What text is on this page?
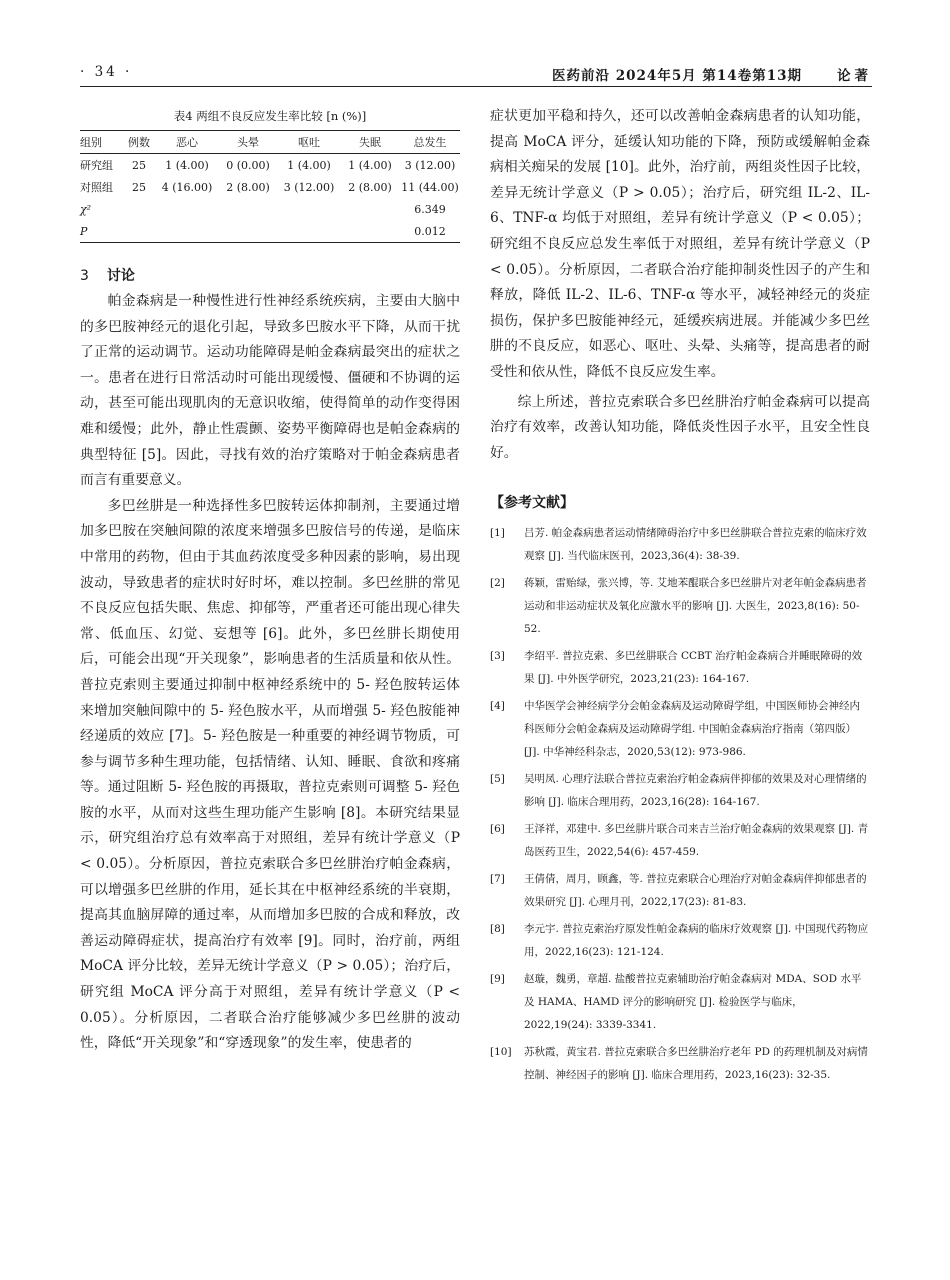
· 34 ·	医药前沿 2024年5月 第14卷第13期	论著
表4 两组不良反应发生率比较 [n (%)]
组别	例数	恶心	头晕	呕吐	失眠	总发生
研究组	25	1 (4.00)	0 (0.00)	1 (4.00)	1 (4.00)	3 (12.00)
对照组	25	4 (16.00)	2 (8.00)	3 (12.00)	2 (8.00)	11 (44.00)
χ²						6.349
P						0.012
3 讨论

帕金森病是一种慢性进行性神经系统疾病，主要由大脑中的多巴胺神经元的退化引起，导致多巴胺水平下降，从而干扰了正常的运动调节。运动功能障碍是帕金森病最突出的症状之一。患者在进行日常活动时可能出现缓慢、僵硬和不协调的运动，甚至可能出现肌肉的无意识收缩，使得简单的动作变得困难和缓慢；此外，静止性震颤、姿势平衡障碍也是帕金森病的典型特征 [5]。因此，寻找有效的治疗策略对于帕金森病患者而言有重要意义。

多巴丝肼是一种选择性多巴胺转运体抑制剂，主要通过增加多巴胺在突触间隙的浓度来增强多巴胺信号的传递，是临床中常用的药物，但由于其血药浓度受多种因素的影响，易出现波动，导致患者的症状时好时坏，难以控制。多巴丝肼的常见不良反应包括失眠、焦虑、抑郁等，严重者还可能出现心律失常、低血压、幻觉、妄想等 [6]。此外，多巴丝肼长期使用后，可能会出现“开关现象”，影响患者的生活质量和依从性。普拉克索则主要通过抑制中枢神经系统中的 5- 羟色胺转运体来增加突触间隙中的 5- 羟色胺水平，从而增强 5- 羟色胺能神经递质的效应 [7]。5- 羟色胺是一种重要的神经调节物质，可参与调节多种生理功能，包括情绪、认知、睡眠、食欲和疼痛等。通过阻断 5- 羟色胺的再摄取，普拉克索则可调整 5- 羟色胺的水平，从而对这些生理功能产生影响 [8]。本研究结果显示，研究组治疗总有效率高于对照组，差异有统计学意义（P < 0.05）。分析原因，普拉克索联合多巴丝肼治疗帕金森病，可以增强多巴丝肼的作用，延长其在中枢神经系统的半衰期，提高其血脑屏障的通过率，从而增加多巴胺的合成和释放，改善运动障碍症状，提高治疗有效率 [9]。同时，治疗前，两组 MoCA 评分比较，差异无统计学意义（P > 0.05）；治疗后，研究组 MoCA 评分高于对照组，差异有统计学意义（P < 0.05）。分析原因，二者联合治疗能够减少多巴丝肼的波动性，降低“开关现象”和“穿透现象”的发生率，使患者的

症状更加平稳和持久，还可以改善帕金森病患者的认知功能，提高 MoCA 评分，延缓认知功能的下降，预防或缓解帕金森病相关痴呆的发展 [10]。此外，治疗前，两组炎性因子比较，差异无统计学意义（P > 0.05）；治疗后，研究组 IL-2、IL-6、TNF-α 均低于对照组，差异有统计学意义（P < 0.05）；研究组不良反应总发生率低于对照组，差异有统计学意义（P < 0.05）。分析原因，二者联合治疗能抑制炎性因子的产生和释放，降低 IL-2、IL-6、TNF-α 等水平，减轻神经元的炎症损伤，保护多巴胺能神经元，延缓疾病进展。并能减少多巴丝肼的不良反应，如恶心、呕吐、头晕、头痛等，提高患者的耐受性和依从性，降低不良反应发生率。

综上所述，普拉克索联合多巴丝肼治疗帕金森病可以提高治疗有效率，改善认知功能，降低炎性因子水平，且安全性良好。

【参考文献】
[1] 吕芳. 帕金森病患者运动情绪障碍治疗中多巴丝肼联合普拉克索的临床疗效观察 [J]. 当代临床医刊，2023,36(4): 38-39.
[2] 蒋颖，雷贻绿，张兴博，等. 艾地苯醌联合多巴丝肼片对老年帕金森病患者运动和非运动症状及氧化应激水平的影响 [J]. 大医生，2023,8(16): 50-52.
[3] 李绍平. 普拉克索、多巴丝肼联合 CCBT 治疗帕金森病合并睡眠障碍的效果 [J]. 中外医学研究，2023,21(23): 164-167.
[4] 中华医学会神经病学分会帕金森病及运动障碍学组，中国医师协会神经内科医师分会帕金森病及运动障碍学组. 中国帕金森病治疗指南（第四版）[J]. 中华神经科杂志，2020,53(12): 973-986.
[5] 吴明凤. 心理疗法联合普拉克索治疗帕金森病伴抑郁的效果及对心理情绪的影响 [J]. 临床合理用药，2023,16(28): 164-167.
[6] 王泽祥，邓建中. 多巴丝肼片联合司来吉兰治疗帕金森病的效果观察 [J]. 青岛医药卫生，2022,54(6): 457-459.
[7] 王倩倩，周月，顾鑫，等. 普拉克索联合心理治疗对帕金森病伴抑郁患者的效果研究 [J]. 心理月刊，2022,17(23): 81-83.
[8] 李元宇. 普拉克索治疗原发性帕金森病的临床疗效观察 [J]. 中国现代药物应用，2022,16(23): 121-124.
[9] 赵璇，魏勇，章超. 盐酸普拉克索辅助治疗帕金森病对 MDA、SOD 水平及 HAMA、HAMD 评分的影响研究 [J]. 检验医学与临床，2022,19(24): 3339-3341.
[10] 苏秋霞，黄宝君. 普拉克索联合多巴丝肼治疗老年 PD 的药理机制及对病情控制、神经因子的影响 [J]. 临床合理用药，2023,16(23): 32-35.
